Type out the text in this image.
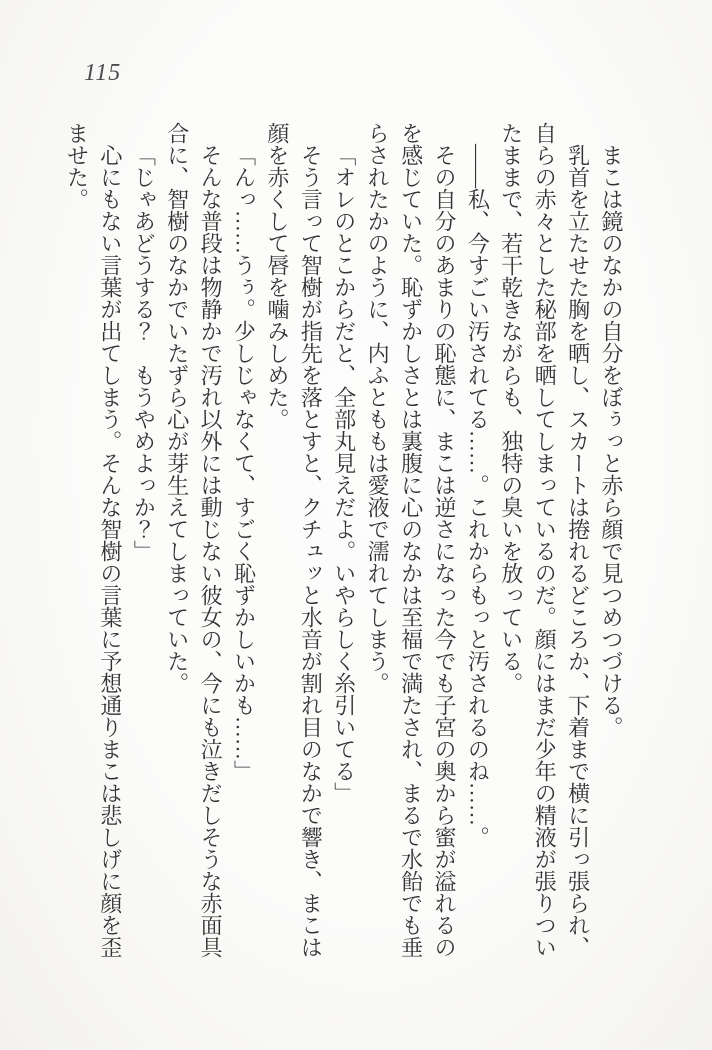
115

まこは鏡のなかの自分をぼぅっと赤ら顔で見つめつづける。

乳首を立たせた胸を晒し、スカートは捲れるどころか、下着まで横に引っ張られ、自らの赤々とした秘部を晒してしまっているのだ。顔にはまだ少年の精液が張りついたままで、若干乾きながらも、独特の臭いを放っている。

――私、今すごい汚されてる……。これからもっと汚されるのね……。

その自分のあまりの恥態に、まこは逆さになった今でも子宮の奥から蜜が溢れるのを感じていた。恥ずかしさとは裏腹に心のなかは至福で満たされ、まるで水飴でも垂らされたかのように、内ふとももは愛液で濡れてしまう。

「オレのとこからだと、全部丸見えだよ。いやらしく糸引いてる」

そう言って智樹が指先を落とすと、クチュッと水音が割れ目のなかで響き、まこは顔を赤くして唇を噛みしめた。

「んっ……うぅ。少しじゃなくて、すごく恥ずかしいかも……」

そんな普段は物静かで汚れ以外には動じない彼女の、今にも泣きだしそうな赤面具合に、智樹のなかでいたずら心が芽生えてしまっていた。

「じゃあどうする？　もうやめよっか？」

心にもない言葉が出てしまう。そんな智樹の言葉に予想通りまこは悲しげに顔を歪ませた。
